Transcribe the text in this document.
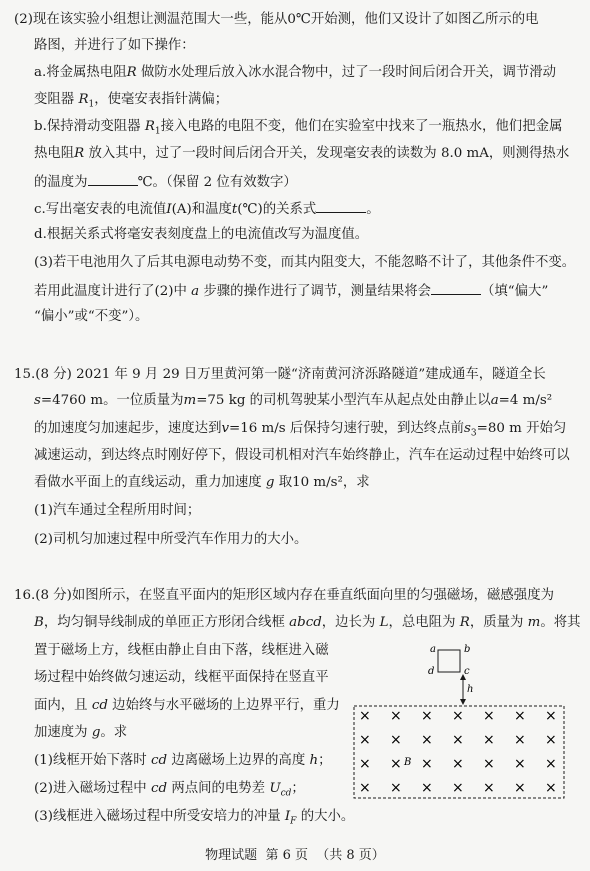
(2)现在该实验小组想让测温范围大一些，能从0℃开始测，他们又设计了如图乙所示的电
路图，并进行了如下操作：
a.将金属热电阻R 做防水处理后放入冰水混合物中，过了一段时间后闭合开关，调节滑动
变阻器 $R_1$，使毫安表指针满偏；
b.保持滑动变阻器 $R_1$接入电路的电阻不变，他们在实验室中找来了一瓶热水，他们把金属
热电阻R 放入其中，过了一段时间后闭合开关，发现毫安表的读数为 8.0 mA，则测得热水
的温度为	℃。（保留 2 位有效数字）
c.写出毫安表的电流值I(A)和温度t(℃)的关系式	。
d.根据关系式将毫安表刻度盘上的电流值改写为温度值。
(3)若干电池用久了后其电源电动势不变，而其内阻变大，不能忽略不计了，其他条件不变。
若用此温度计进行了(2)中 a 步骤的操作进行了调节，测量结果将会	（填“偏大”
“偏小”或“不变”）。
15.(8 分) 2021 年 9 月 29 日万里黄河第一隧“济南黄河济泺路隧道”建成通车，隧道全长
s=4760 m。一位质量为m=75 kg 的司机驾驶某小型汽车从起点处由静止以a=4 m/s²
的加速度匀加速起步，速度达到v=16 m/s 后保持匀速行驶，到达终点前$s_3=80$ m 开始匀
减速运动，到达终点时刚好停下，假设司机相对汽车始终静止，汽车在运动过程中始终可以
看做水平面上的直线运动，重力加速度 g 取10 m/s²，求
(1)汽车通过全程所用时间；
(2)司机匀加速过程中所受汽车作用力的大小。
16.(8 分)如图所示，在竖直平面内的矩形区域内存在垂直纸面向里的匀强磁场，磁感强度为
B，均匀铜导线制成的单匝正方形闭合线框 abcd，边长为 L，总电阻为 R，质量为 m。将其
置于磁场上方，线框由静止自由下落，线框进入磁
场过程中始终做匀速运动，线框平面保持在竖直平
面内，且 cd 边始终与水平磁场的上边界平行，重力
加速度为 g。求
(1)线框开始下落时 cd 边离磁场上边界的高度 h；
(2)进入磁场过程中 cd 两点间的电势差 $U_{cd}$；
(3)线框进入磁场过程中所受安培力的冲量 $I_F$ 的大小。
a	b
c
d
h
× × × × × × ×
× × × × × × ×
× × × × × × ×
× × × × × × ×
B
物理试题 第 6 页 （共 8 页）
